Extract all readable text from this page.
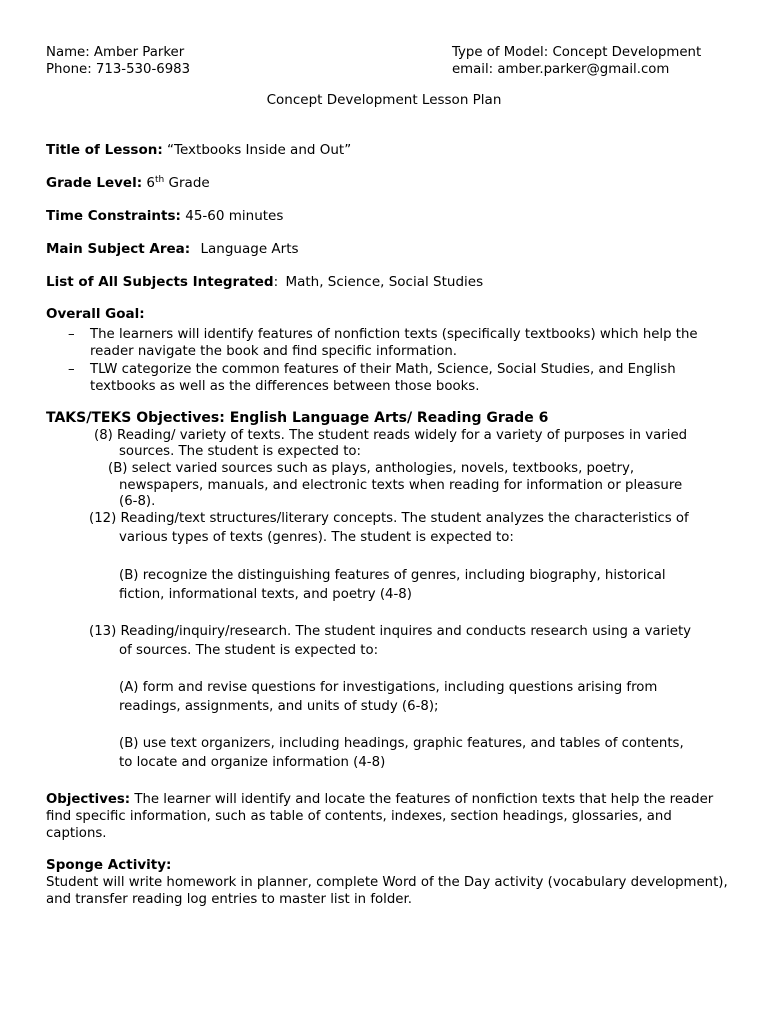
Name: Amber Parker
Phone: 713-530-6983
Type of Model: Concept Development
email: amber.parker@gmail.com
Concept Development Lesson Plan
Title of Lesson: “Textbooks Inside and Out”
Grade Level: 6th Grade
Time Constraints: 45-60 minutes
Main Subject Area: Language Arts
List of All Subjects Integrated: Math, Science, Social Studies
Overall Goal:
– The learners will identify features of nonfiction texts (specifically textbooks) which help the reader navigate the book and find specific information.
– TLW categorize the common features of their Math, Science, Social Studies, and English textbooks as well as the differences between those books.
TAKS/TEKS Objectives: English Language Arts/ Reading Grade 6
(8) Reading/ variety of texts. The student reads widely for a variety of purposes in varied
sources. The student is expected to:
(B) select varied sources such as plays, anthologies, novels, textbooks, poetry,
newspapers, manuals, and electronic texts when reading for information or pleasure
(6-8).
(12) Reading/text structures/literary concepts. The student analyzes the characteristics of
various types of texts (genres). The student is expected to:
(B) recognize the distinguishing features of genres, including biography, historical
fiction, informational texts, and poetry (4-8)
(13) Reading/inquiry/research. The student inquires and conducts research using a variety
of sources. The student is expected to:
(A) form and revise questions for investigations, including questions arising from
readings, assignments, and units of study (6-8);
(B) use text organizers, including headings, graphic features, and tables of contents,
to locate and organize information (4-8)
Objectives: The learner will identify and locate the features of nonfiction texts that help the reader find specific information, such as table of contents, indexes, section headings, glossaries, and captions.
Sponge Activity:
Student will write homework in planner, complete Word of the Day activity (vocabulary development), and transfer reading log entries to master list in folder.
